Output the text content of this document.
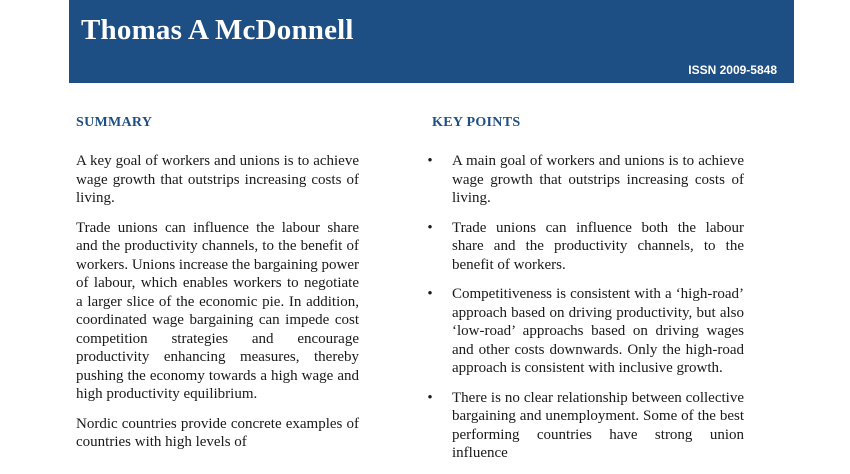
Thomas A McDonnell
ISSN 2009-5848
SUMMARY	KEY POINTS

A key goal of workers and unions is to achieve wage growth that outstrips increasing costs of living.

Trade unions can influence the labour share and the productivity channels, to the benefit of workers. Unions increase the bargaining power of labour, which enables workers to negotiate a larger slice of the economic pie. In addition, coordinated wage bargaining can impede cost competition strategies and encourage productivity enhancing measures, thereby pushing the economy towards a high wage and high productivity equilibrium.

Nordic countries provide concrete examples of countries with high levels of

• A main goal of workers and unions is to achieve wage growth that outstrips increasing costs of living.
• Trade unions can influence both the labour share and the productivity channels, to the benefit of workers.
• Competitiveness is consistent with a ‘high-road’ approach based on driving productivity, but also ‘low-road’ approachs based on driving wages and other costs downwards. Only the high-road approach is consistent with inclusive growth.
• There is no clear relationship between collective bargaining and unemployment. Some of the best performing countries have strong union influence
